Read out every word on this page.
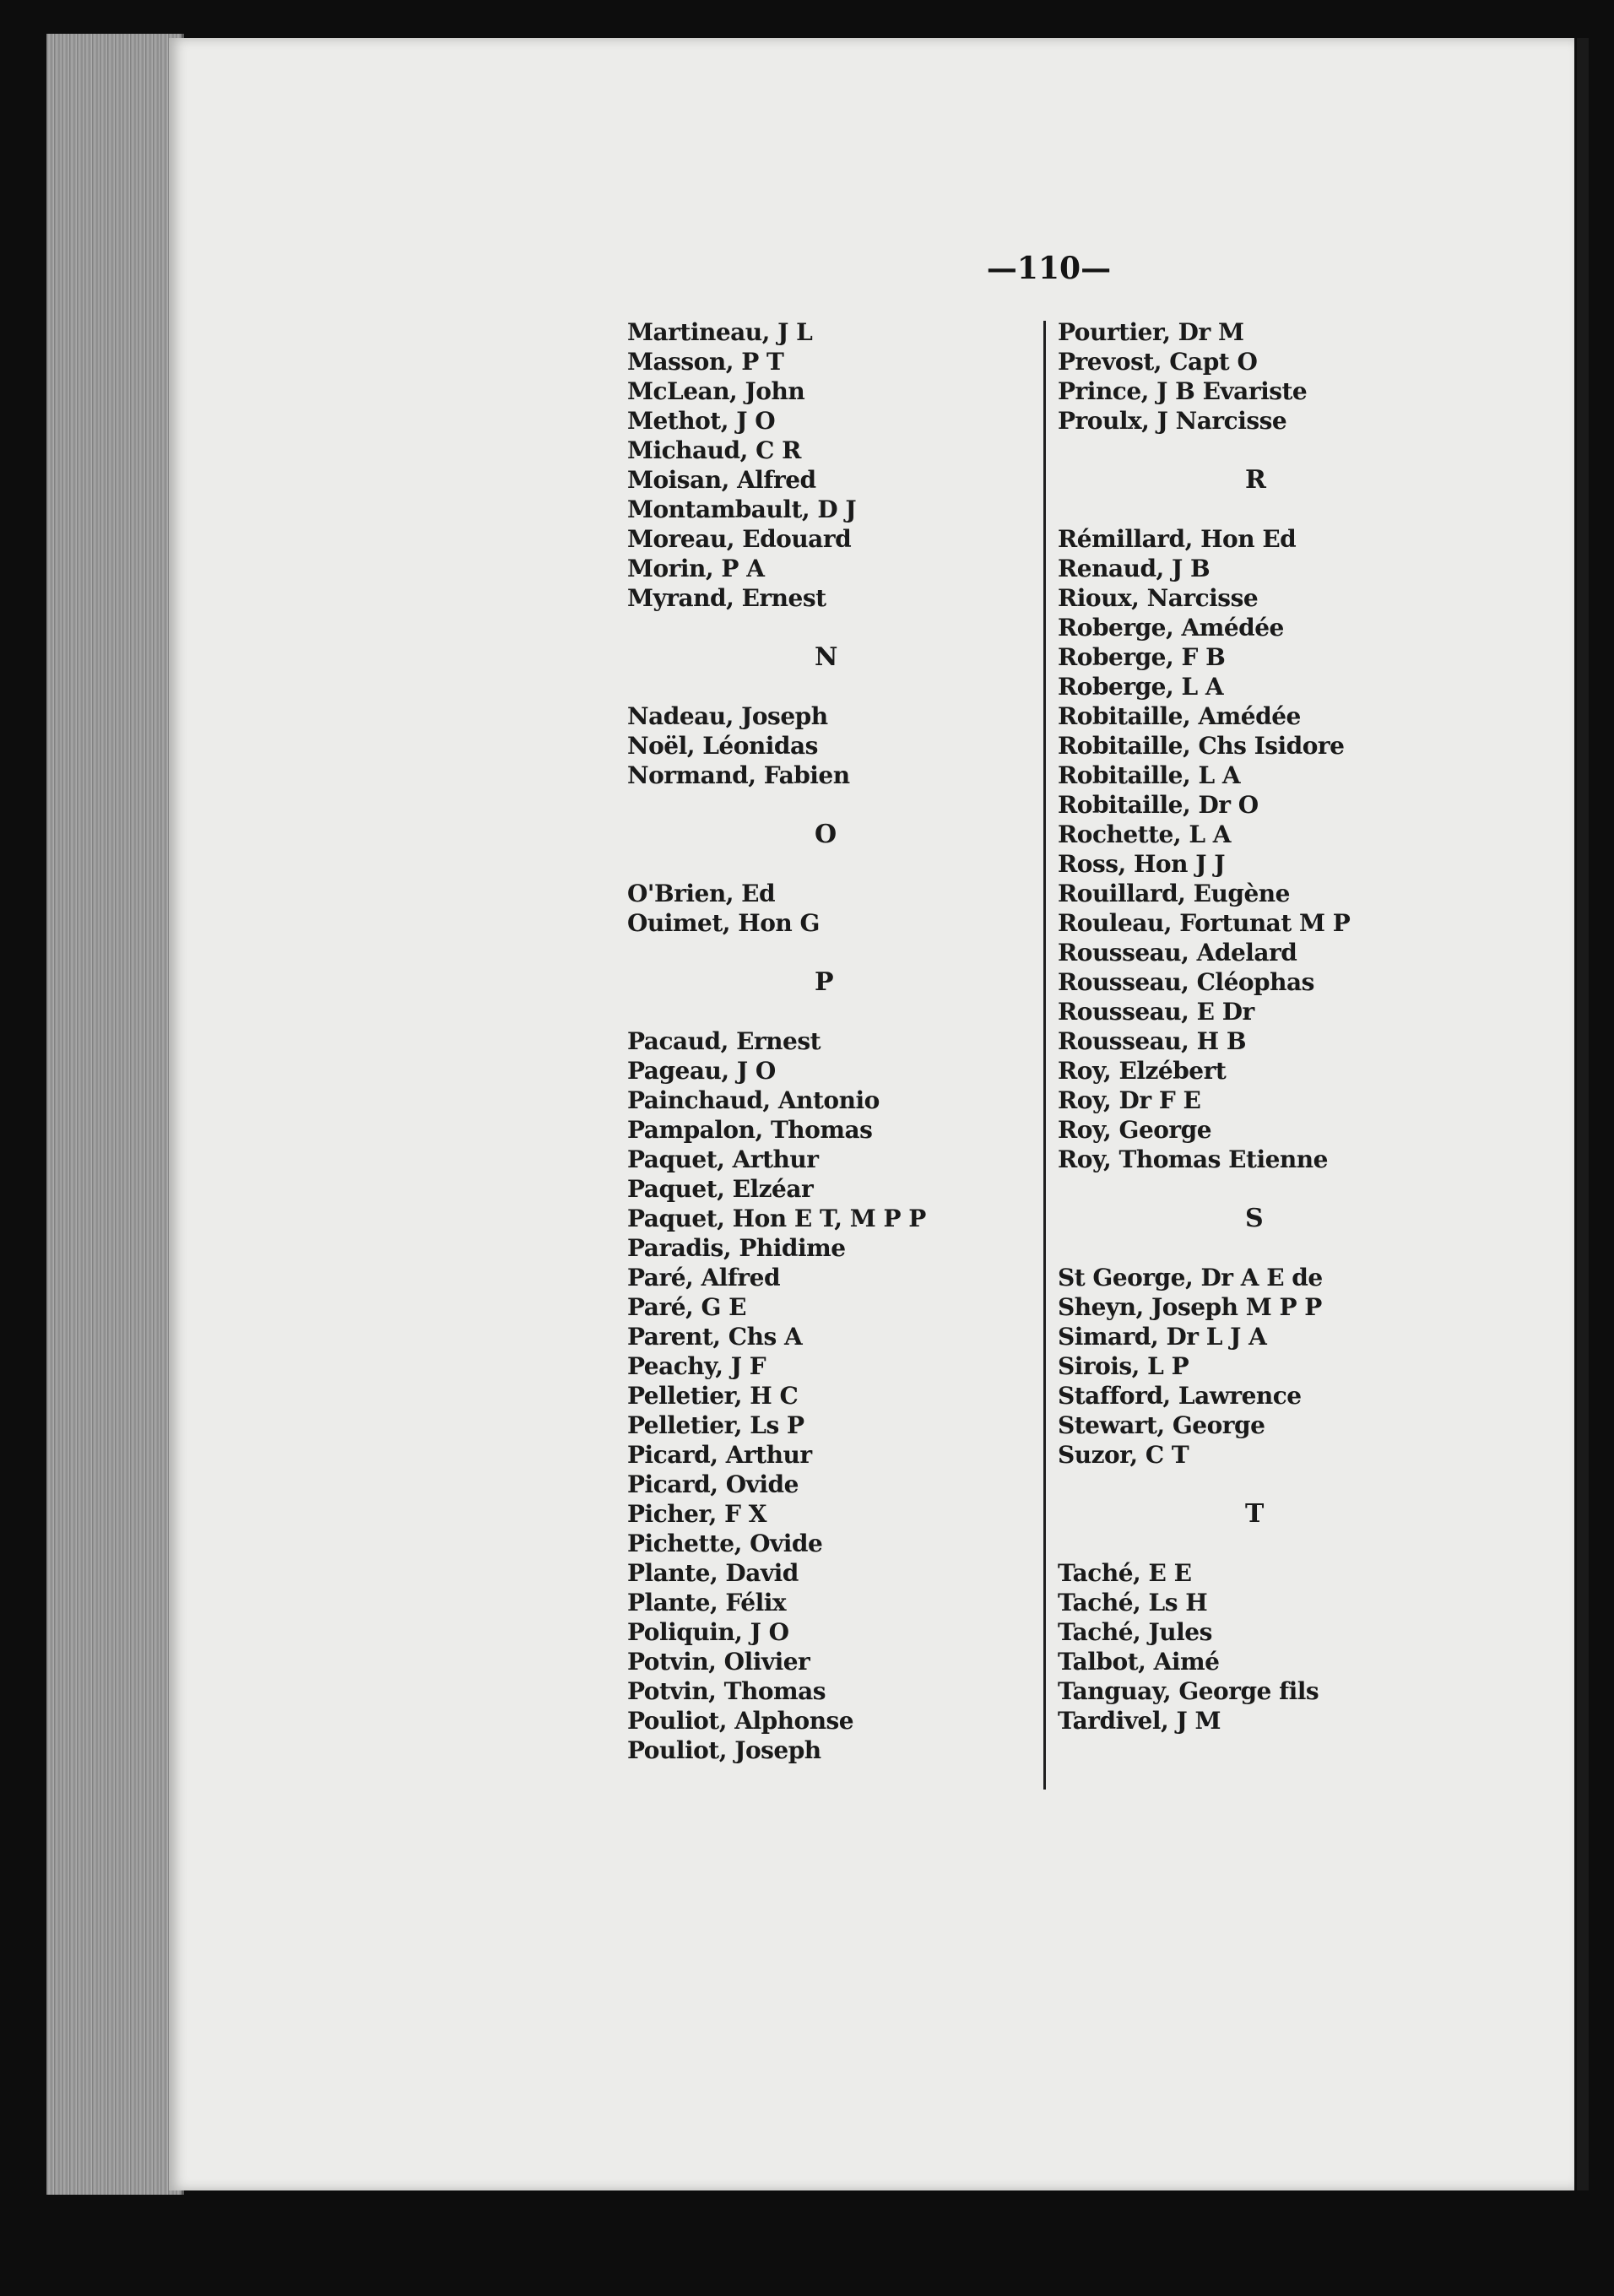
—110—
Martineau, J L
Masson, P T
McLean, John
Methot, J O
Michaud, C R
Moisan, Alfred
Montambault, D J
Moreau, Edouard
Morin, P A
Myrand, Ernest
N
Nadeau, Joseph
Noël, Léonidas
Normand, Fabien
O
O'Brien, Ed
Ouimet, Hon G
P
Pacaud, Ernest
Pageau, J O
Painchaud, Antonio
Pampalon, Thomas
Paquet, Arthur
Paquet, Elzéar
Paquet, Hon E T, M P P
Paradis, Phidime
Paré, Alfred
Paré, G E
Parent, Chs A
Peachy, J F
Pelletier, H C
Pelletier, Ls P
Picard, Arthur
Picard, Ovide
Picher, F X
Pichette, Ovide
Plante, David
Plante, Félix
Poliquin, J O
Potvin, Olivier
Potvin, Thomas
Pouliot, Alphonse
Pouliot, Joseph
Pourtier, Dr M
Prevost, Capt O
Prince, J B Evariste
Proulx, J Narcisse
R
Rémillard, Hon Ed
Renaud, J B
Rioux, Narcisse
Roberge, Amédée
Roberge, F B
Roberge, L A
Robitaille, Amédée
Robitaille, Chs Isidore
Robitaille, L A
Robitaille, Dr O
Rochette, L A
Ross, Hon J J
Rouillard, Eugène
Rouleau, Fortunat M P
Rousseau, Adelard
Rousseau, Cléophas
Rousseau, E Dr
Rousseau, H B
Roy, Elzébert
Roy, Dr F E
Roy, George
Roy, Thomas Etienne
S
St George, Dr A E de
Sheyn, Joseph M P P
Simard, Dr L J A
Sirois, L P
Stafford, Lawrence
Stewart, George
Suzor, C T
T
Taché, E E
Taché, Ls H
Taché, Jules
Talbot, Aimé
Tanguay, George fils
Tardivel, J M
